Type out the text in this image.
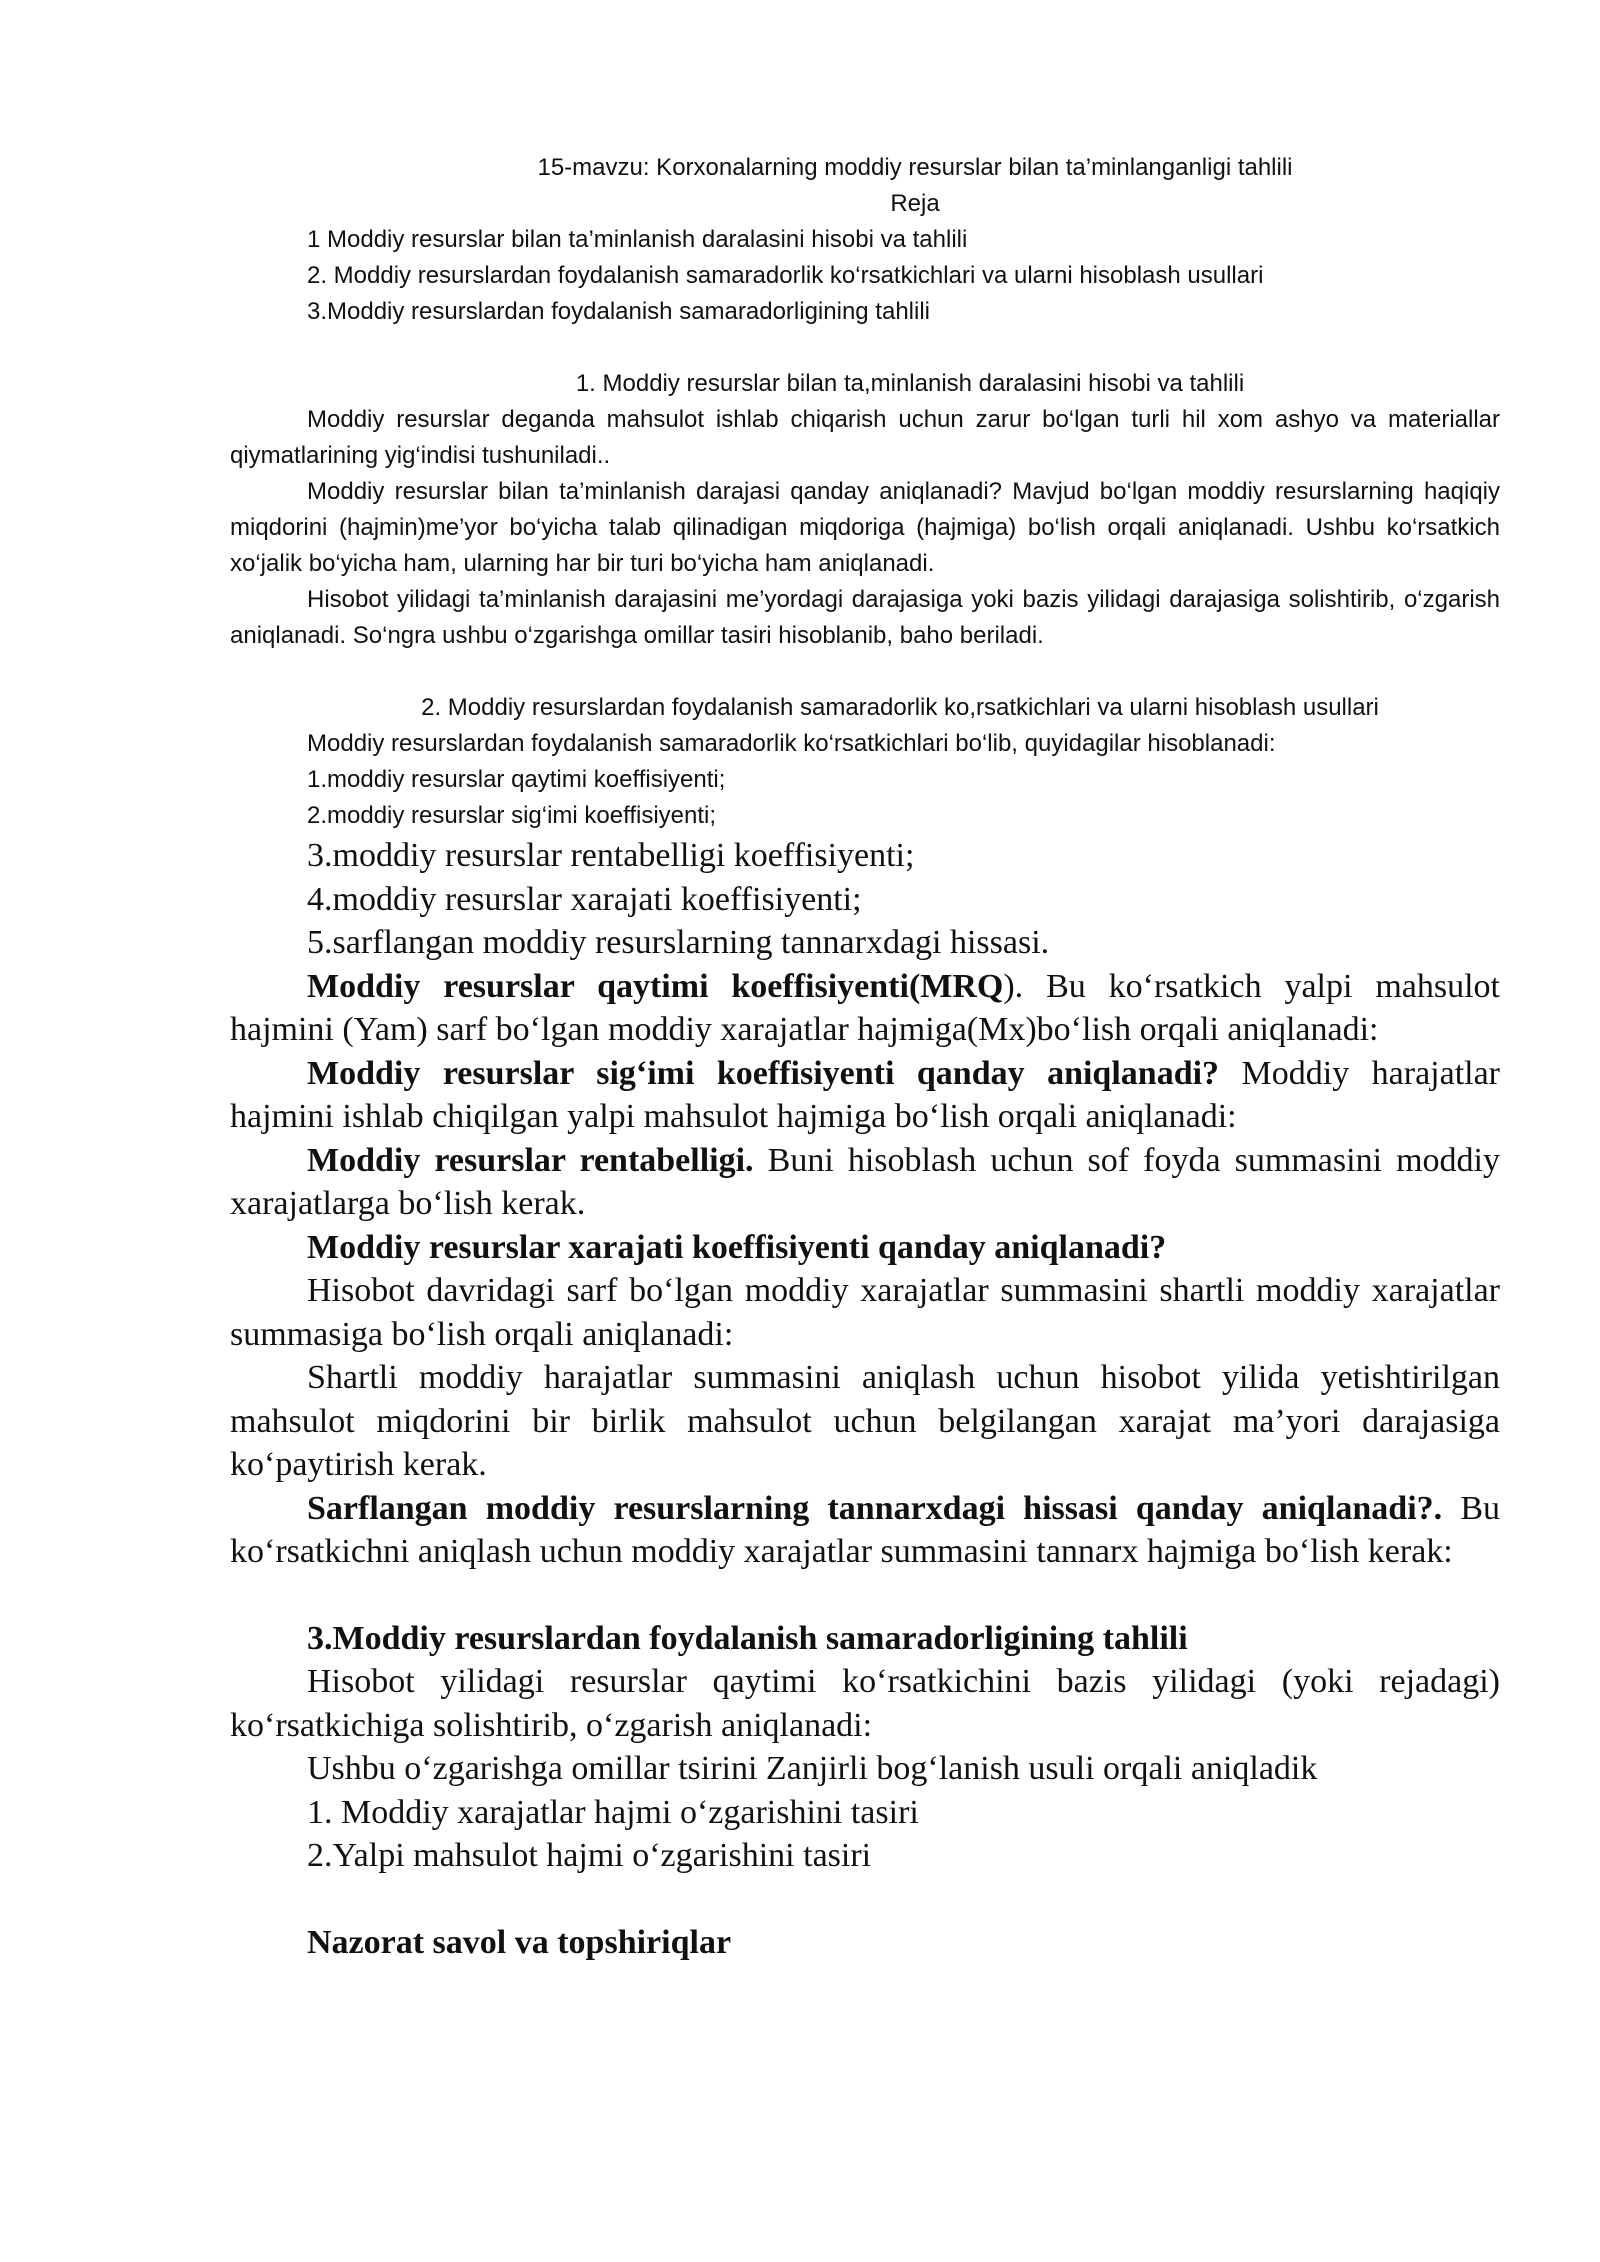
15-mavzu: Korxonalarning moddiy resurslar bilan ta’minlanganligi tahlili

Reja

1 Moddiy resurslar bilan ta’minlanish daralasini hisobi va tahlili

2. Moddiy resurslardan foydalanish samaradorlik ko‘rsatkichlari va ularni hisoblash usullari

3.Moddiy resurslardan foydalanish samaradorligining tahlili

1. Moddiy resurslar bilan ta,minlanish daralasini hisobi va tahlili

Moddiy resurslar deganda mahsulot ishlab chiqarish uchun zarur bo‘lgan turli hil xom ashyo va materiallar qiymatlarining yig‘indisi tushuniladi..

Moddiy resurslar bilan ta’minlanish darajasi qanday aniqlanadi? Mavjud bo‘lgan moddiy resurslarning haqiqiy miqdorini (hajmin)me’yor bo‘yicha talab qilinadigan miqdoriga (hajmiga) bo‘lish orqali aniqlanadi. Ushbu ko‘rsatkich xo‘jalik bo‘yicha ham, ularning har bir turi bo‘yicha ham aniqlanadi.

Hisobot yilidagi ta’minlanish darajasini me’yordagi darajasiga yoki bazis yilidagi darajasiga solishtirib, o‘zgarish aniqlanadi. So‘ngra ushbu o‘zgarishga omillar tasiri hisoblanib, baho beriladi.

2. Moddiy resurslardan foydalanish samaradorlik ko,rsatkichlari va ularni hisoblash usullari

Moddiy resurslardan foydalanish samaradorlik ko‘rsatkichlari bo‘lib, quyidagilar hisoblanadi:

1.moddiy resurslar qaytimi koeffisiyenti;

2.moddiy resurslar sig‘imi koeffisiyenti;

3.moddiy resurslar rentabelligi koeffisiyenti;

4.moddiy resurslar xarajati koeffisiyenti;

5.sarflangan moddiy resurslarning tannarxdagi hissasi.

Moddiy resurslar qaytimi koeffisiyenti(MRQ). Bu ko‘rsatkich yalpi mahsulot hajmini (Yam) sarf bo‘lgan moddiy xarajatlar hajmiga(Mx)bo‘lish orqali aniqlanadi:

Moddiy resurslar sig‘imi koeffisiyenti qanday aniqlanadi? Moddiy harajatlar hajmini ishlab chiqilgan yalpi mahsulot hajmiga bo‘lish orqali aniqlanadi:

Moddiy resurslar rentabelligi. Buni hisoblash uchun sof foyda summasini moddiy xarajatlarga bo‘lish kerak.

Moddiy resurslar xarajati koeffisiyenti qanday aniqlanadi?

Hisobot davridagi sarf bo‘lgan moddiy xarajatlar summasini shartli moddiy xarajatlar summasiga bo‘lish orqali aniqlanadi:

Shartli moddiy harajatlar summasini aniqlash uchun hisobot yilida yetishtirilgan mahsulot miqdorini bir birlik mahsulot uchun belgilangan xarajat ma’yori darajasiga ko‘paytirish kerak.

Sarflangan moddiy resurslarning tannarxdagi hissasi qanday aniqlanadi?. Bu ko‘rsatkichni aniqlash uchun moddiy xarajatlar summasini tannarx hajmiga bo‘lish kerak:

3.Moddiy resurslardan foydalanish samaradorligining tahlili

Hisobot yilidagi resurslar qaytimi ko‘rsatkichini bazis yilidagi (yoki rejadagi) ko‘rsatkichiga solishtirib, o‘zgarish aniqlanadi:

Ushbu o‘zgarishga omillar tsirini Zanjirli bog‘lanish usuli orqali aniqladik

1. Moddiy xarajatlar hajmi o‘zgarishini tasiri

2.Yalpi mahsulot hajmi o‘zgarishini tasiri

Nazorat savol va topshiriqlar
